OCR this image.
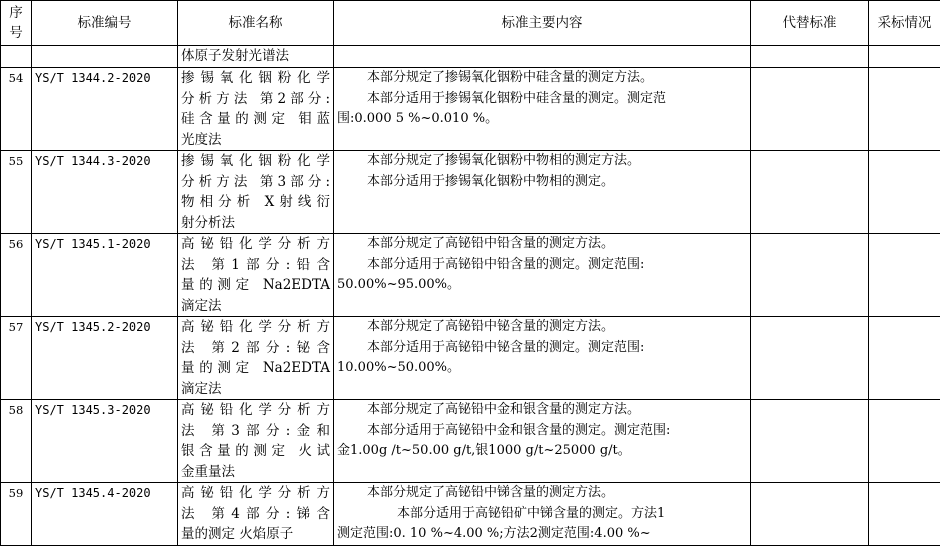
序号	标准编号	标准名称	标准主要内容	代替标准	采标情况

		体原子发射光谱法			

54	YS/T 1344.2-2020	掺锡氧化铟粉化学
分析方法 第2部分:
硅含量的测定 钼蓝
光度法	本部分规定了掺锡氧化铟粉中硅含量的测定方法。
本部分适用于掺锡氧化铟粉中硅含量的测定。测定范
围:0.000 5 %~0.010 %。		

55	YS/T 1344.3-2020	掺锡氧化铟粉化学
分析方法 第3部分:
物相分析 X射线衍
射分析法	本部分规定了掺锡氧化铟粉中物相的测定方法。
本部分适用于掺锡氧化铟粉中物相的测定。		

56	YS/T 1345.1-2020	高铋铅化学分析方
法 第1部分:铅含
量的测定 Na2EDTA
滴定法	本部分规定了高铋铅中铅含量的测定方法。
本部分适用于高铋铅中铅含量的测定。测定范围:
50.00%~95.00%。		

57	YS/T 1345.2-2020	高铋铅化学分析方
法 第2部分:铋含
量的测定 Na2EDTA
滴定法	本部分规定了高铋铅中铋含量的测定方法。
本部分适用于高铋铅中铋含量的测定。测定范围:
10.00%~50.00%。		

58	YS/T 1345.3-2020	高铋铅化学分析方
法 第3部分:金和
银含量的测定 火试
金重量法	本部分规定了高铋铅中金和银含量的测定方法。
本部分适用于高铋铅中金和银含量的测定。测定范围:
金1.00g /t~50.00 g/t,银1000 g/t~25000 g/t。		

59	YS/T 1345.4-2020	高铋铅化学分析方
法 第4部分:锑含
量的测定 火焰原子	本部分规定了高铋铅中锑含量的测定方法。
本部分适用于高铋铅矿中锑含量的测定。方法1
测定范围:0. 10 %~4.00 %;方法2测定范围:4.00 %~		
